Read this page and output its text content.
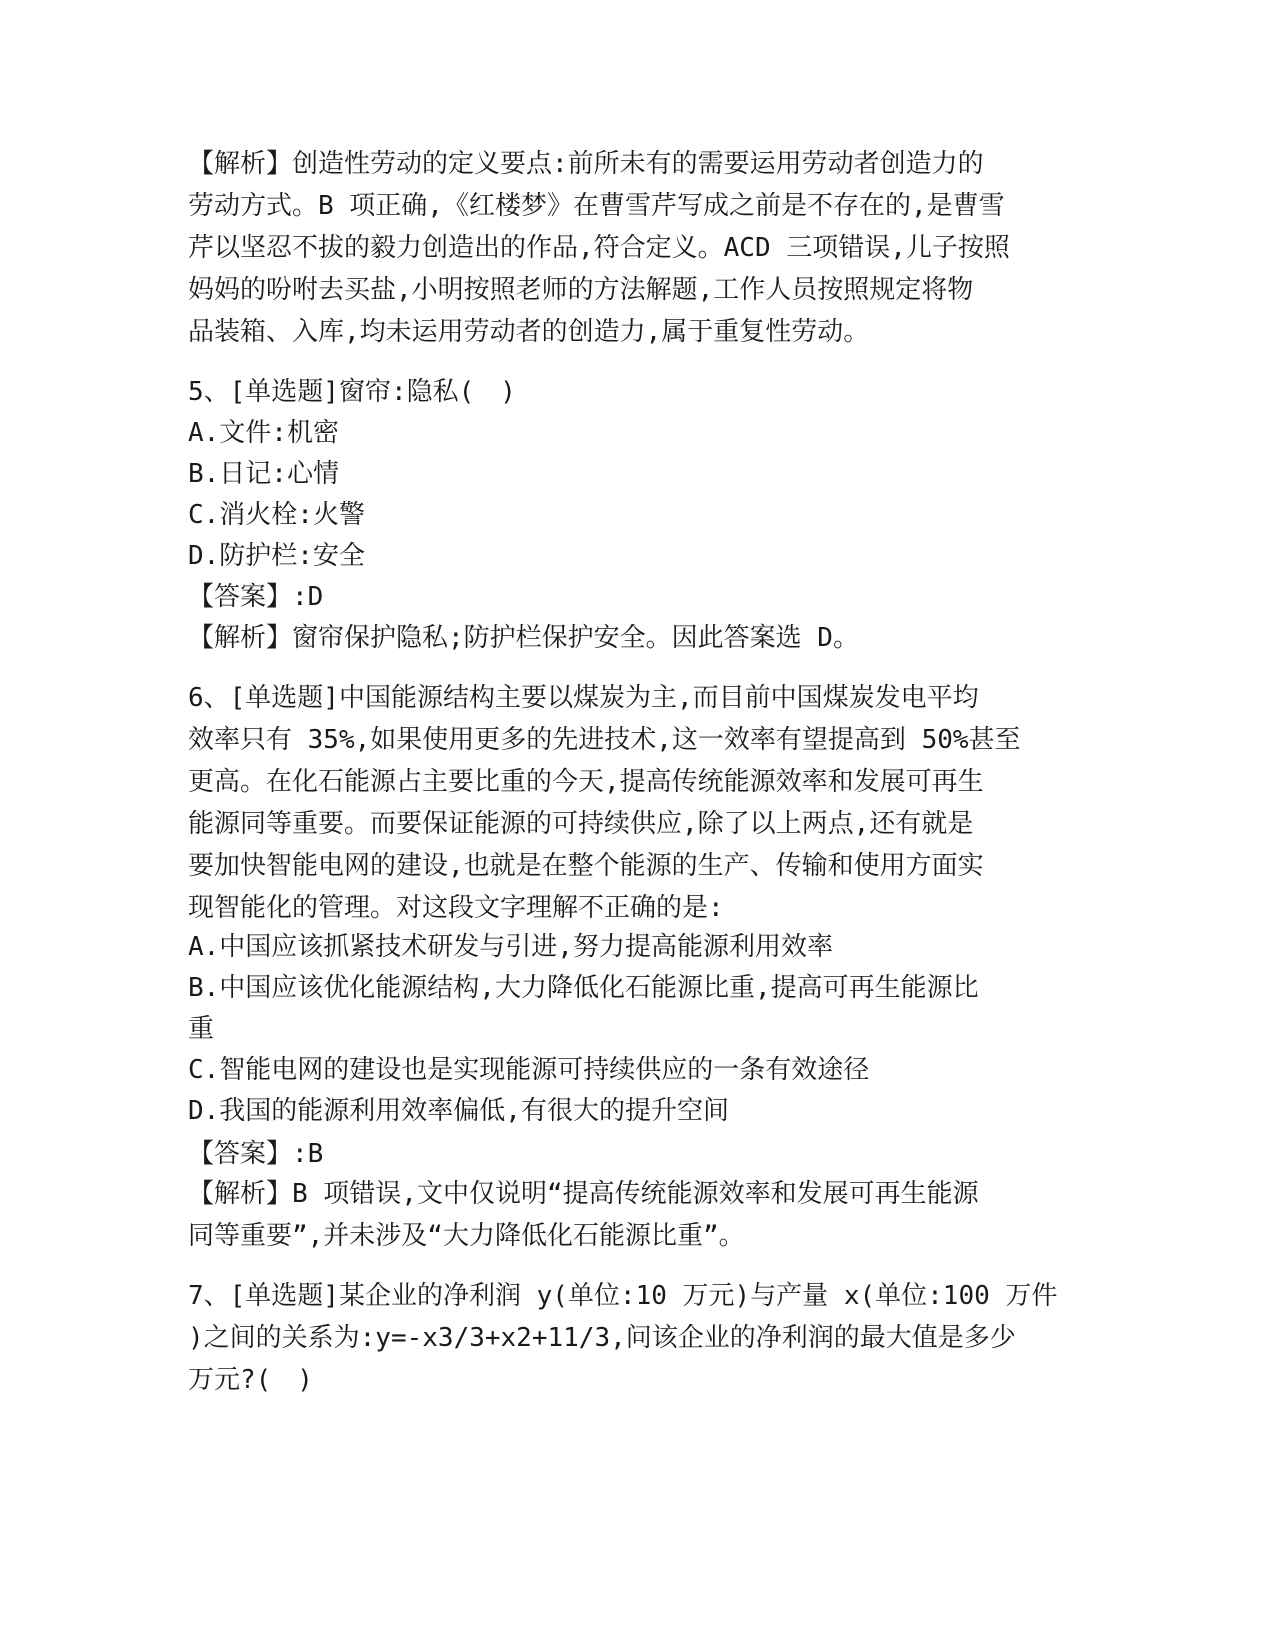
【解析】创造性劳动的定义要点:前所未有的需要运用劳动者创造力的
劳动方式。B 项正确,《红楼梦》在曹雪芹写成之前是不存在的,是曹雪
芹以坚忍不拔的毅力创造出的作品,符合定义。ACD 三项错误,儿子按照
妈妈的吩咐去买盐,小明按照老师的方法解题,工作人员按照规定将物
品装箱、入库,均未运用劳动者的创造力,属于重复性劳动。
5、[单选题]窗帘:隐私(　)
A.文件:机密
B.日记:心情
C.消火栓:火警
D.防护栏:安全
【答案】:D
【解析】窗帘保护隐私;防护栏保护安全。因此答案选 D。
6、[单选题]中国能源结构主要以煤炭为主,而目前中国煤炭发电平均
效率只有 35%,如果使用更多的先进技术,这一效率有望提高到 50%甚至
更高。在化石能源占主要比重的今天,提高传统能源效率和发展可再生
能源同等重要。而要保证能源的可持续供应,除了以上两点,还有就是
要加快智能电网的建设,也就是在整个能源的生产、传输和使用方面实
现智能化的管理。对这段文字理解不正确的是:
A.中国应该抓紧技术研发与引进,努力提高能源利用效率
B.中国应该优化能源结构,大力降低化石能源比重,提高可再生能源比
重
C.智能电网的建设也是实现能源可持续供应的一条有效途径
D.我国的能源利用效率偏低,有很大的提升空间
【答案】:B
【解析】B 项错误,文中仅说明“提高传统能源效率和发展可再生能源
同等重要”,并未涉及“大力降低化石能源比重”。
7、[单选题]某企业的净利润 y(单位:10 万元)与产量 x(单位:100 万件
)之间的关系为:y=-x3/3+x2+11/3,问该企业的净利润的最大值是多少
万元?(　)
